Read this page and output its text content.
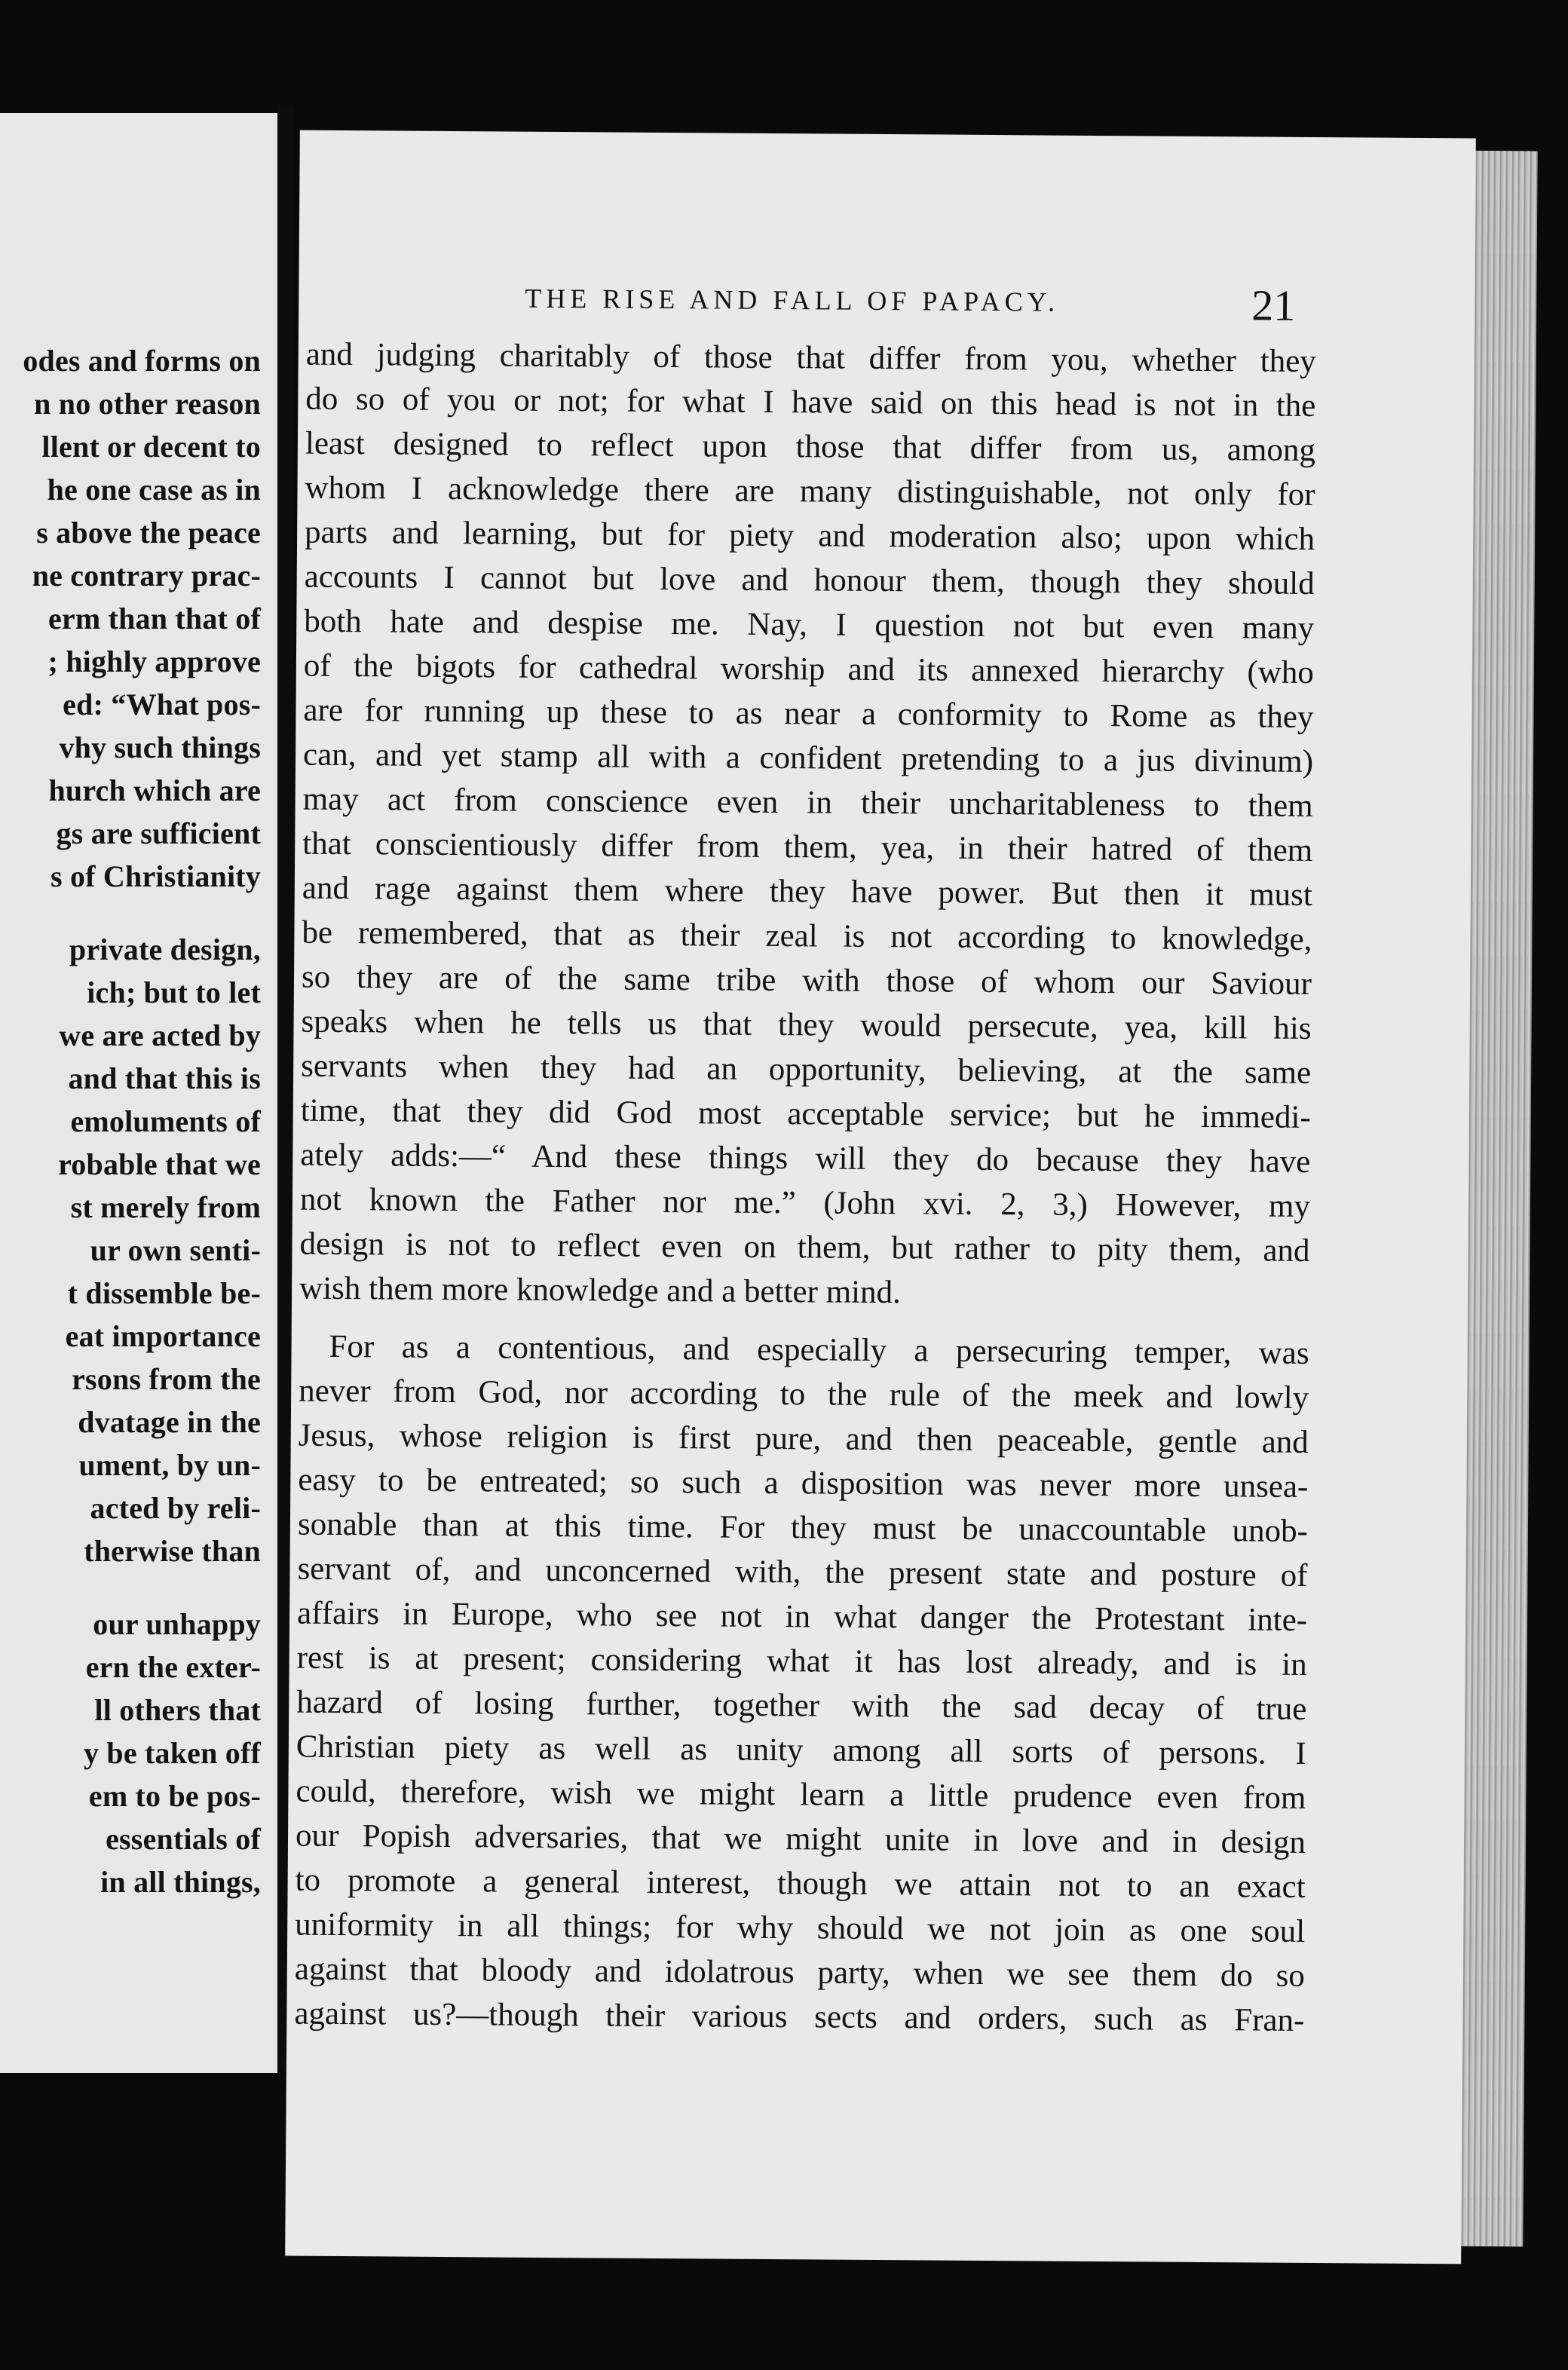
odes and forms on
n no other reason
llent or decent to
he one case as in
s above the peace
ne contrary prac-
erm than that of
; highly approve
ed: “What pos-
vhy such things
hurch which are
gs are sufficient
s of Christianity
private design,
ich; but to let
we are acted by
and that this is
emoluments of
robable that we
st merely from
ur own senti-
t dissemble be-
eat importance
rsons from the
dvatage in the
ument, by un-
acted by reli-
therwise than
our unhappy
ern the exter-
ll others that
y be taken off
em to be pos-
essentials of
in all things,
THE RISE AND FALL OF PAPACY.	21
and judging charitably of those that differ from you, whether they
do so of you or not; for what I have said on this head is not in the
least designed to reflect upon those that differ from us, among
whom I acknowledge there are many distinguishable, not only for
parts and learning, but for piety and moderation also; upon which
accounts I cannot but love and honour them, though they should
both hate and despise me. Nay, I question not but even many
of the bigots for cathedral worship and its annexed hierarchy (who
are for running up these to as near a conformity to Rome as they
can, and yet stamp all with a confident pretending to a jus divinum)
may act from conscience even in their uncharitableness to them
that conscientiously differ from them, yea, in their hatred of them
and rage against them where they have power. But then it must
be remembered, that as their zeal is not according to knowledge,
so they are of the same tribe with those of whom our Saviour
speaks when he tells us that they would persecute, yea, kill his
servants when they had an opportunity, believing, at the same
time, that they did God most acceptable service; but he immedi-
ately adds:—“ And these things will they do because they have
not known the Father nor me.” (John xvi. 2, 3,) However, my
design is not to reflect even on them, but rather to pity them, and
wish them more knowledge and a better mind.
For as a contentious, and especially a persecuring temper, was
never from God, nor according to the rule of the meek and lowly
Jesus, whose religion is first pure, and then peaceable, gentle and
easy to be entreated; so such a disposition was never more unsea-
sonable than at this time. For they must be unaccountable unob-
servant of, and unconcerned with, the present state and posture of
affairs in Europe, who see not in what danger the Protestant inte-
rest is at present; considering what it has lost already, and is in
hazard of losing further, together with the sad decay of true
Christian piety as well as unity among all sorts of persons. I
could, therefore, wish we might learn a little prudence even from
our Popish adversaries, that we might unite in love and in design
to promote a general interest, though we attain not to an exact
uniformity in all things; for why should we not join as one soul
against that bloody and idolatrous party, when we see them do so
against us?—though their various sects and orders, such as Fran-
